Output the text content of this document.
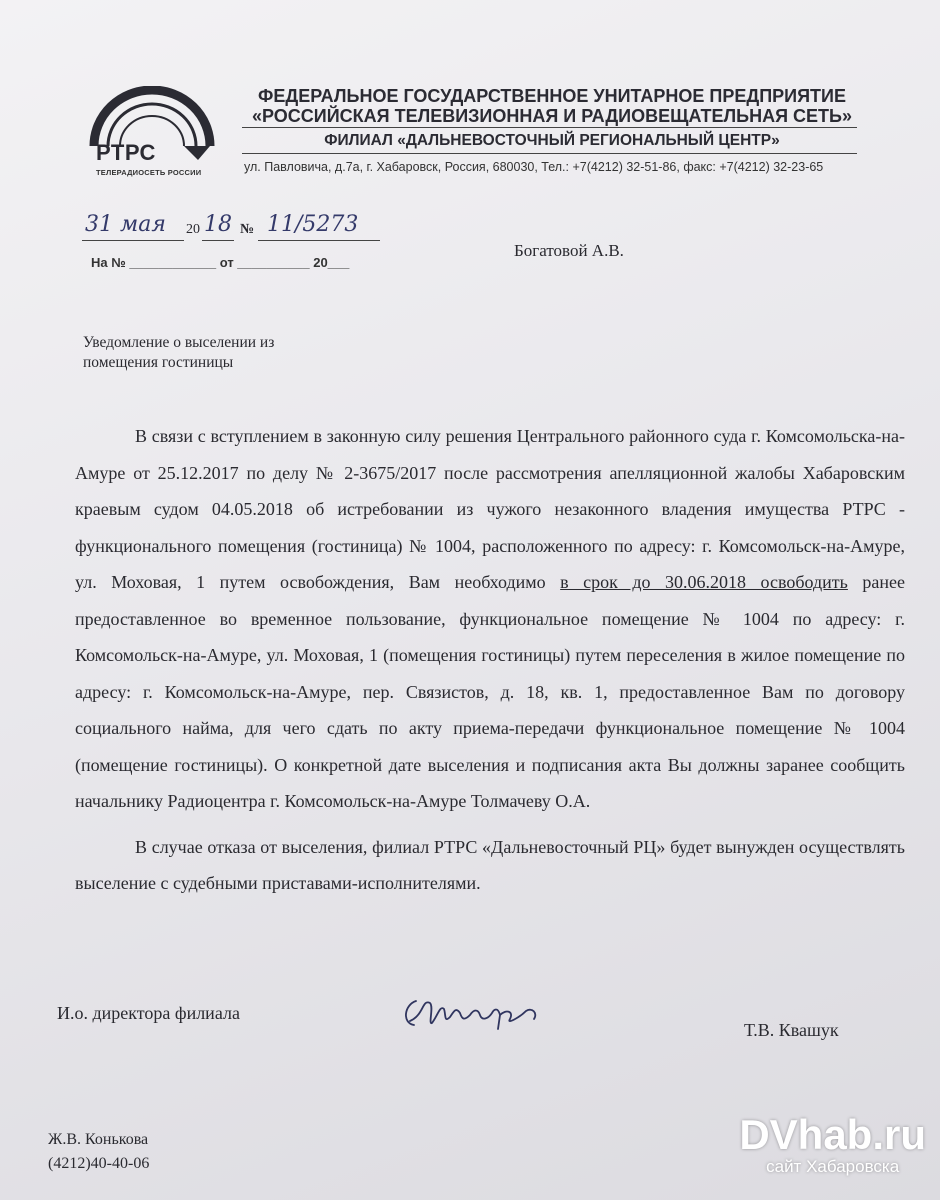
РТРС
ТЕЛЕРАДИОСЕТЬ РОССИИ
ФЕДЕРАЛЬНОЕ ГОСУДАРСТВЕННОЕ УНИТАРНОЕ ПРЕДПРИЯТИЕ
«РОССИЙСКАЯ ТЕЛЕВИЗИОННАЯ И РАДИОВЕЩАТЕЛЬНАЯ СЕТЬ»
ФИЛИАЛ «ДАЛЬНЕВОСТОЧНЫЙ РЕГИОНАЛЬНЫЙ ЦЕНТР»
ул. Павловича, д.7а, г. Хабаровск, Россия, 680030, Тел.: +7(4212) 32-51-86, факс: +7(4212) 32-23-65
31 мая 20 18 № 11/5273
На № ____________ от __________ 20___
Богатовой А.В.
Уведомление о выселении из помещения гостиницы

В связи с вступлением в законную силу решения Центрального районного суда г. Комсомольска-на-Амуре от 25.12.2017 по делу № 2-3675/2017 после рассмотрения апелляционной жалобы Хабаровским краевым судом 04.05.2018 об истребовании из чужого незаконного владения имущества РТРС - функционального помещения (гостиница) № 1004, расположенного по адресу: г. Комсомольск-на-Амуре, ул. Моховая, 1 путем освобождения, Вам необходимо в срок до 30.06.2018 освободить ранее предоставленное во временное пользование, функциональное помещение № 1004 по адресу: г. Комсомольск-на-Амуре, ул. Моховая, 1 (помещения гостиницы) путем переселения в жилое помещение по адресу: г. Комсомольск-на-Амуре, пер. Связистов, д. 18, кв. 1, предоставленное Вам по договору социального найма, для чего сдать по акту приема-передачи функциональное помещение № 1004 (помещение гостиницы). О конкретной дате выселения и подписания акта Вы должны заранее сообщить начальнику Радиоцентра г. Комсомольск-на-Амуре Толмачеву О.А.

В случае отказа от выселения, филиал РТРС «Дальневосточный РЦ» будет вынужден осуществлять выселение с судебными приставами-исполнителями.

И.о. директора филиала
Т.В. Квашук
Ж.В. Конькова
(4212)40-40-06
DVhab.ru
сайт Хабаровска
